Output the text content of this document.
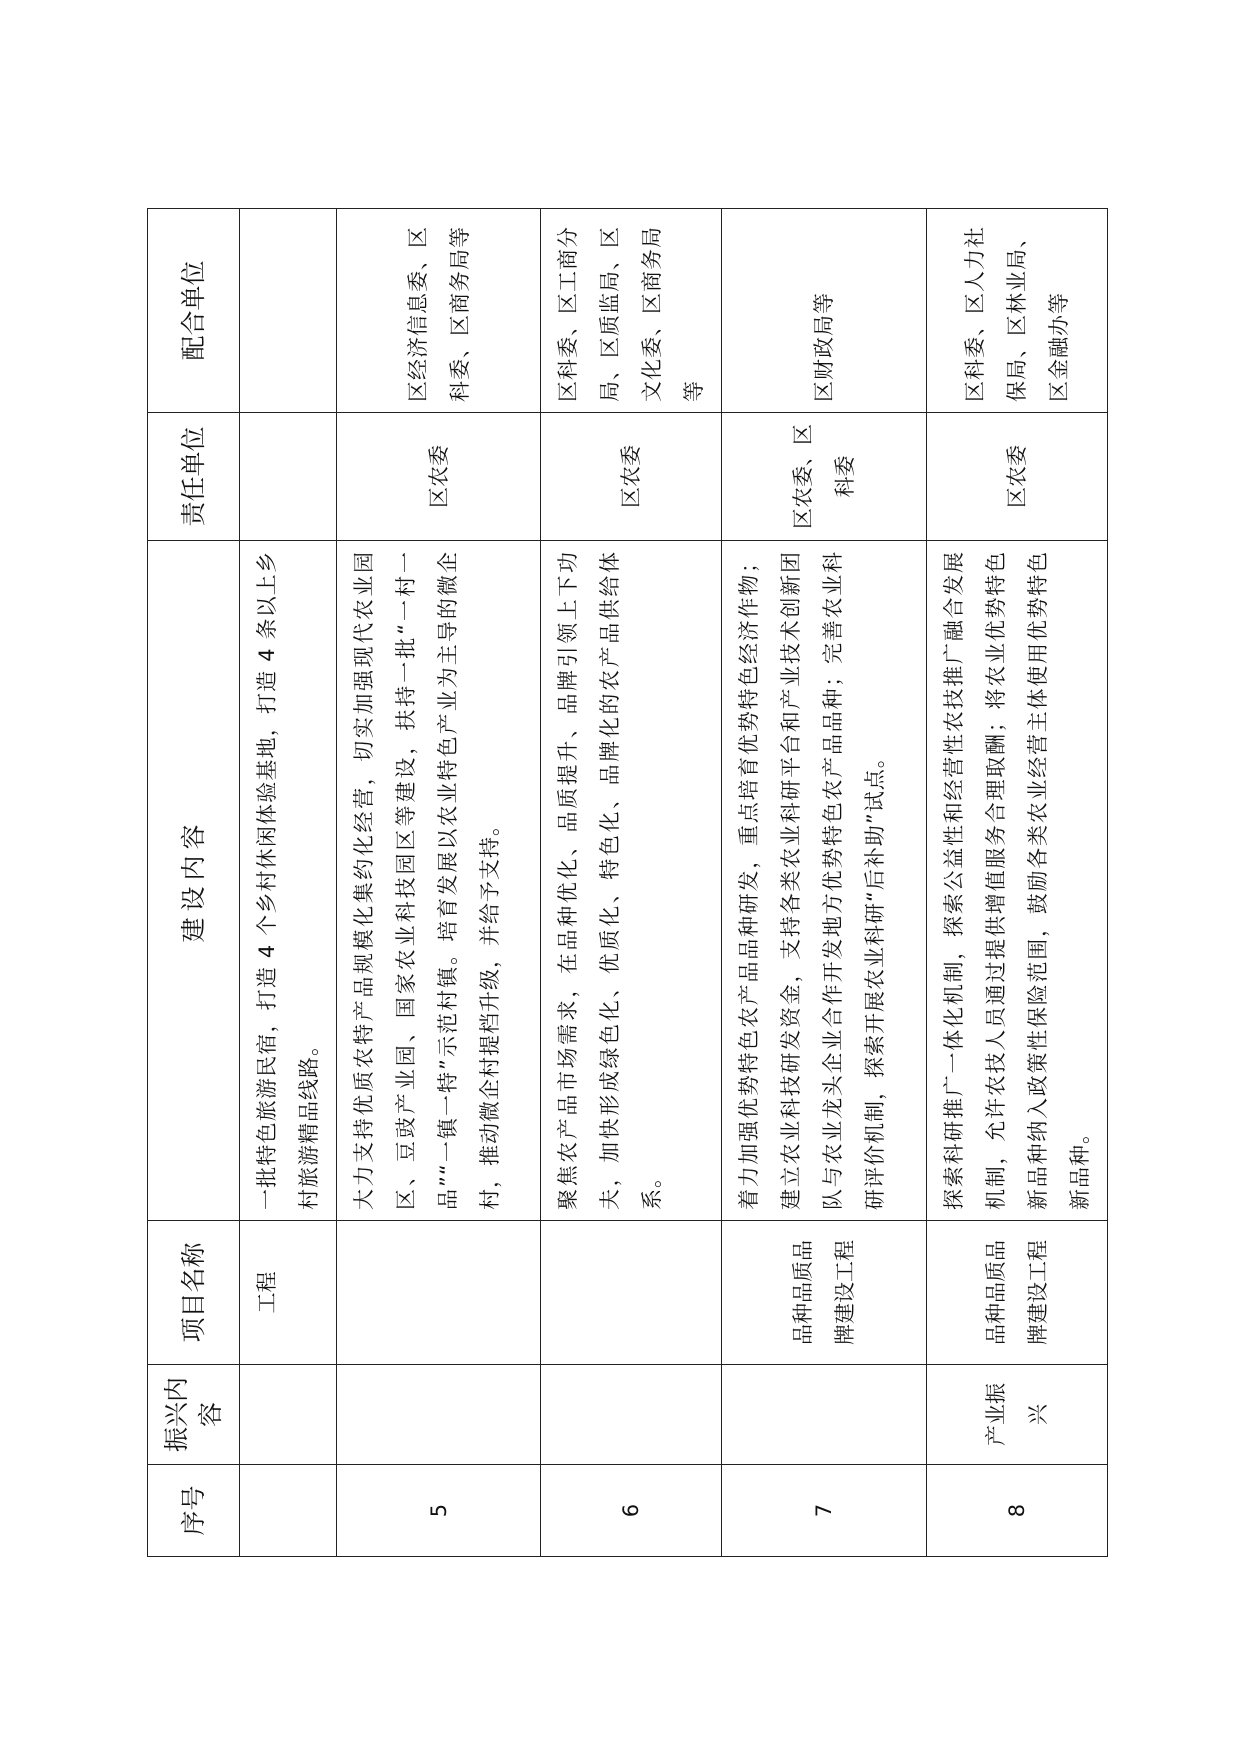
序号	振兴内容	项目名称	建设内容	责任单位	配合单位
		工程	一批特色旅游民宿，打造 4 个乡村休闲体验基地，打造 4 条以上乡村旅游精品线路。		
5			大力支持优质农特产品规模化集约化经营，切实加强现代农业园区、豆豉产业园、国家农业科技园区等建设，扶持一批“一村一品”“一镇一特”示范村镇。培育发展以农业特色产业为主导的微企村，推动微企村提档升级，并给予支持。	区农委	区经济信息委、区科委、区商务局等
6			聚焦农产品市场需求，在品种优化、品质提升、品牌引领上下功夫，加快形成绿色化、优质化、特色化、品牌化的农产品供给体系。	区农委	区科委、区工商分局、区质监局、区文化委、区商务局等
7		品种品质品牌建设工程	着力加强优势特色农产品品种研发，重点培育优势特色经济作物；建立农业科技研发资金，支持各类农业科研平台和产业技术创新团队与农业龙头企业合作开发地方优势特色农产品品种；完善农业科研评价机制，探索开展农业科研“后补助”试点。	区农委、区科委	区财政局等
8	产业振兴	品种品质品牌建设工程	探索科研推广一体化机制，探索公益性和经营性农技推广融合发展机制，允许农技人员通过提供增值服务合理取酬；将农业优势特色新品种纳入政策性保险范围，鼓励各类农业经营主体使用优势特色新品种。	区农委	区科委、区人力社保局、区林业局、区金融办等
